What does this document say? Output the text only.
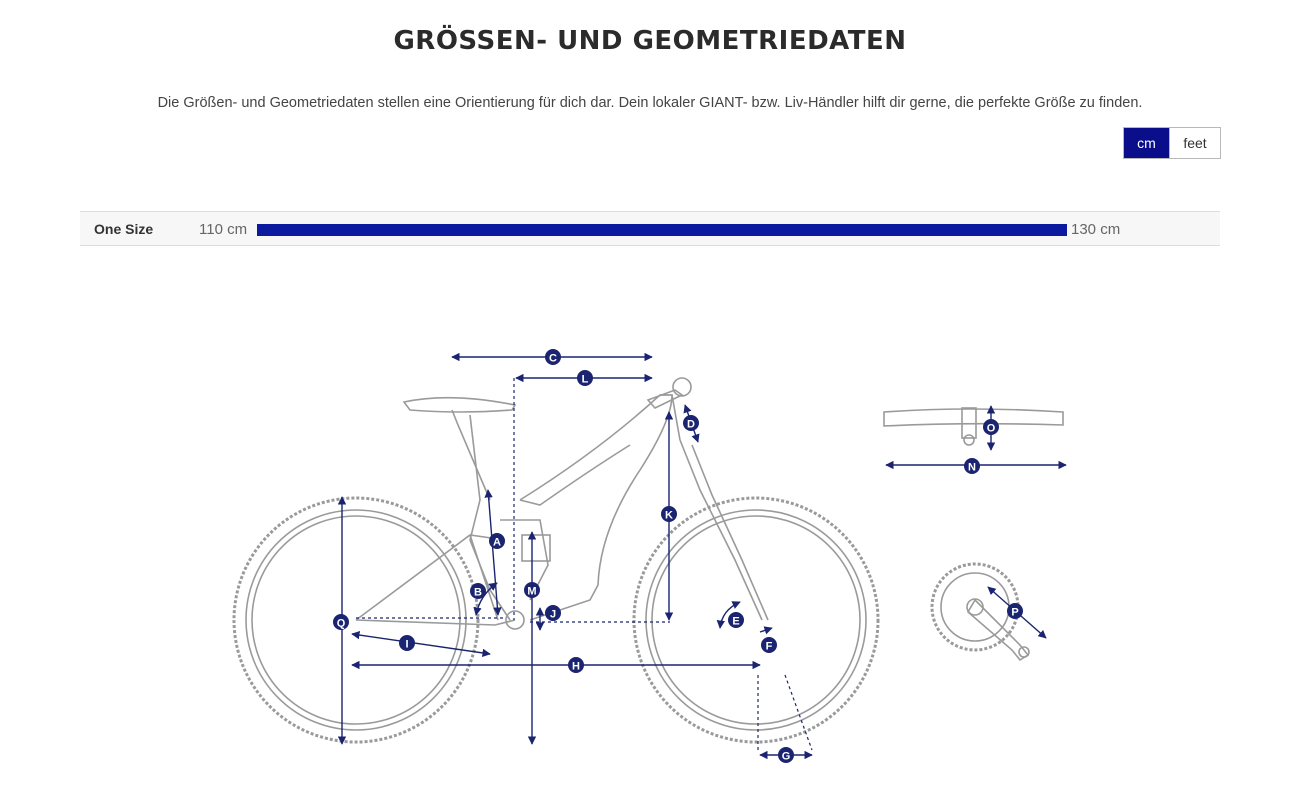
GRÖSSEN- UND GEOMETRIEDATEN
Die Größen- und Geometriedaten stellen eine Orientierung für dich dar. Dein lokaler GIANT- bzw. Liv-Händler hilft dir gerne, die perfekte Größe zu finden.
cm	feet
One Size	110 cm	130 cm
C
L
D
K
A
M
B
J
Q	E
I	F
H
G
O
N
P
